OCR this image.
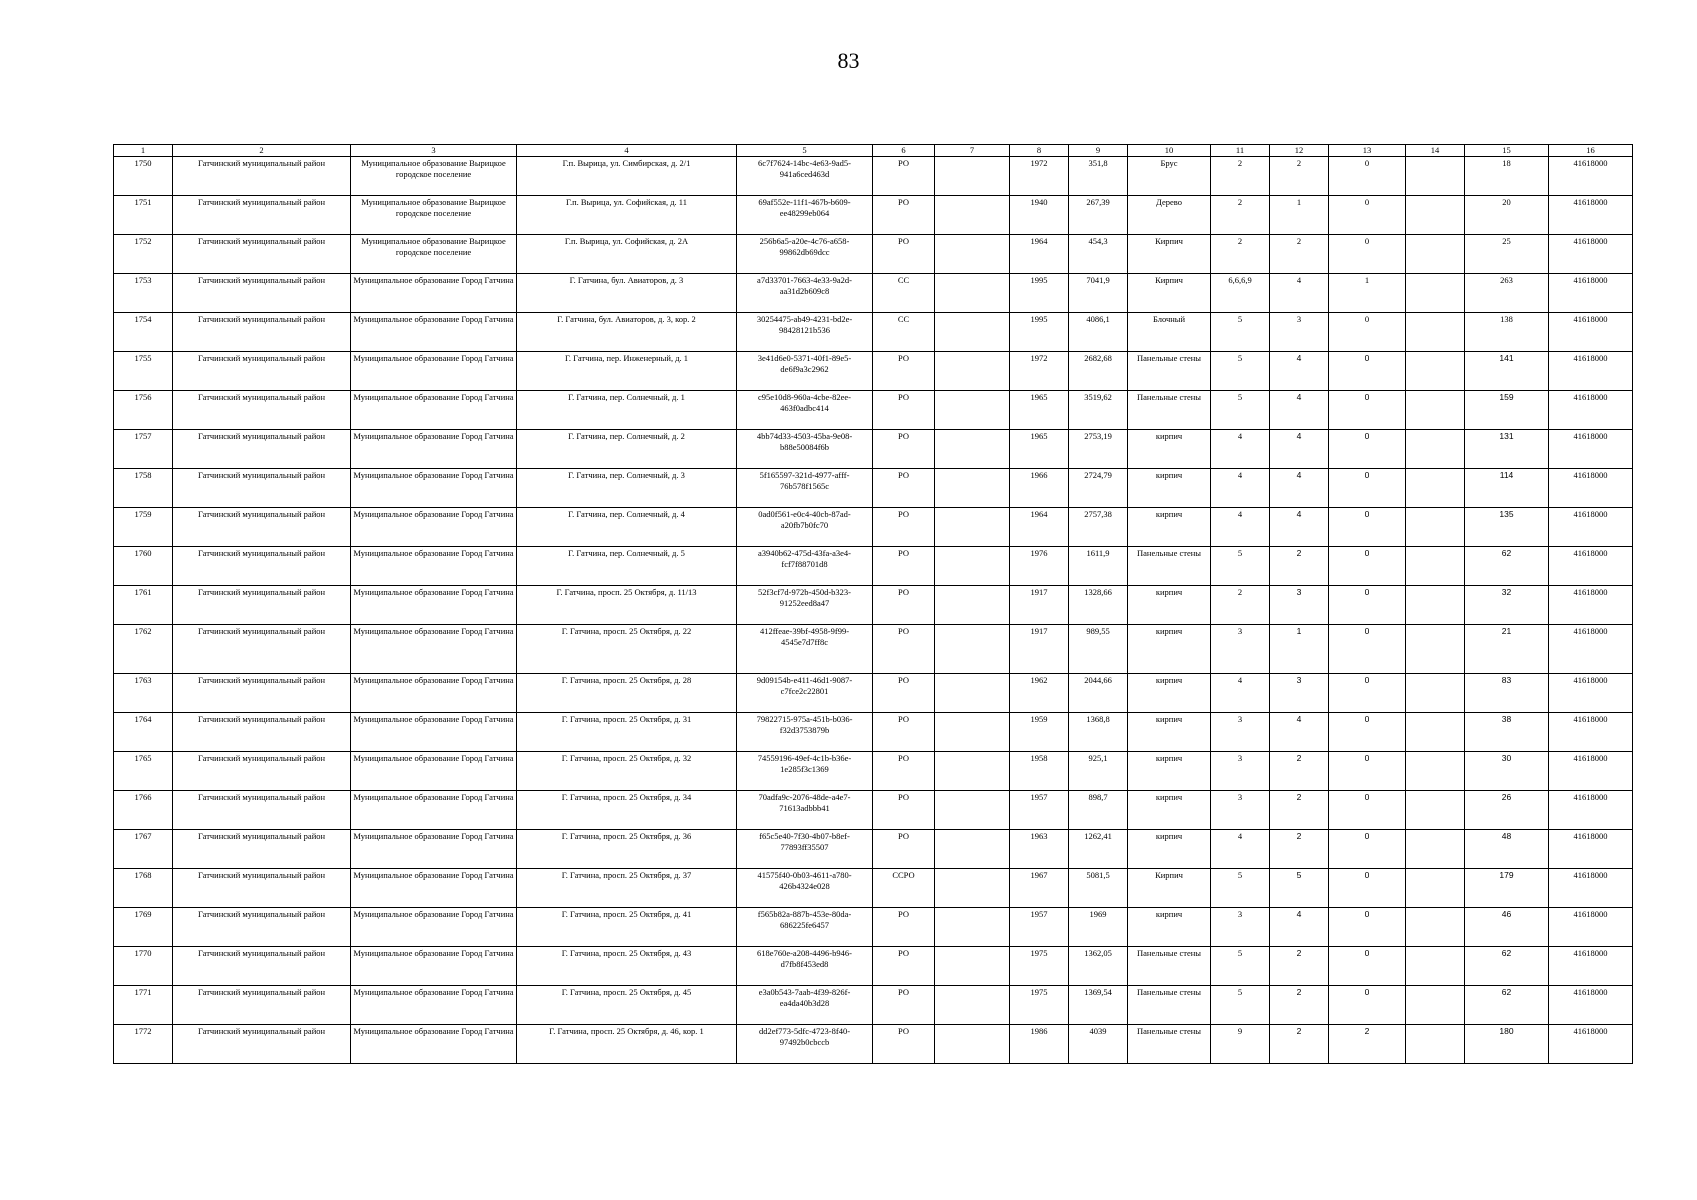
83
1	2	3	4	5	6	7	8	9	10	11	12	13	14	15	16
1750	Гатчинский муниципальный район	Муниципальное образование Вырицкое городское поселение	Г.п. Вырица, ул. Симбирская, д. 2/1	6c7f7624-14bc-4e63-9ad5-941a6ced463d	РО		1972	351,8	Брус	2	2	0		18	41618000
1751	Гатчинский муниципальный район	Муниципальное образование Вырицкое городское поселение	Г.п. Вырица, ул. Софийская, д. 11	69af552e-11f1-467b-b609-ee48299eb064	РО		1940	267,39	Дерево	2	1	0		20	41618000
1752	Гатчинский муниципальный район	Муниципальное образование Вырицкое городское поселение	Г.п. Вырица, ул. Софийская, д. 2А	256b6a5-a20e-4c76-a658-99862db69dcc	РО		1964	454,3	Кирпич	2	2	0		25	41618000
1753	Гатчинский муниципальный район	Муниципальное образование Город Гатчина	Г. Гатчина, бул. Авиаторов, д. 3	a7d33701-7663-4e33-9a2d-aa31d2b609c8	СС		1995	7041,9	Кирпич	6,6,6,9	4	1		263	41618000
1754	Гатчинский муниципальный район	Муниципальное образование Город Гатчина	Г. Гатчина, бул. Авиаторов, д. 3, кор. 2	30254475-ab49-4231-bd2e-98428121b536	СС		1995	4086,1	Блочный	5	3	0		138	41618000
1755	Гатчинский муниципальный район	Муниципальное образование Город Гатчина	Г. Гатчина, пер. Инженерный, д. 1	3e41d6e0-5371-40f1-89e5-de6f9a3c2962	РО		1972	2682,68	Панельные стены	5	4	0		141	41618000
1756	Гатчинский муниципальный район	Муниципальное образование Город Гатчина	Г. Гатчина, пер. Солнечный, д. 1	c95e10d8-960a-4cbe-82ee-463f0adbc414	РО		1965	3519,62	Панельные стены	5	4	0		159	41618000
1757	Гатчинский муниципальный район	Муниципальное образование Город Гатчина	Г. Гатчина, пер. Солнечный, д. 2	4bb74d33-4503-45ba-9e08-b88e50084f6b	РО		1965	2753,19	кирпич	4	4	0		131	41618000
1758	Гатчинский муниципальный район	Муниципальное образование Город Гатчина	Г. Гатчина, пер. Солнечный, д. 3	5f165597-321d-4977-afff-76b578f1565c	РО		1966	2724,79	кирпич	4	4	0		114	41618000
1759	Гатчинский муниципальный район	Муниципальное образование Город Гатчина	Г. Гатчина, пер. Солнечный, д. 4	0ad0f561-e0c4-40cb-87ad-a20fb7b0fc70	РО		1964	2757,38	кирпич	4	4	0		135	41618000
1760	Гатчинский муниципальный район	Муниципальное образование Город Гатчина	Г. Гатчина, пер. Солнечный, д. 5	a3940b62-475d-43fa-a3e4-fcf7f88701d8	РО		1976	1611,9	Панельные стены	5	2	0		62	41618000
1761	Гатчинский муниципальный район	Муниципальное образование Город Гатчина	Г. Гатчина, просп. 25 Октября, д. 11/13	52f3cf7d-972b-450d-b323-91252eed8a47	РО		1917	1328,66	кирпич	2	3	0		32	41618000
1762	Гатчинский муниципальный район	Муниципальное образование Город Гатчина	Г. Гатчина, просп. 25 Октября, д. 22	412ffeae-39bf-4958-9f99-4545e7d7ff8c	РО		1917	989,55	кирпич	3	1	0		21	41618000
1763	Гатчинский муниципальный район	Муниципальное образование Город Гатчина	Г. Гатчина, просп. 25 Октября, д. 28	9d09154b-e411-46d1-9087-c7fce2c22801	РО		1962	2044,66	кирпич	4	3	0		83	41618000
1764	Гатчинский муниципальный район	Муниципальное образование Город Гатчина	Г. Гатчина, просп. 25 Октября, д. 31	79822715-975a-451b-b036-f32d3753879b	РО		1959	1368,8	кирпич	3	4	0		38	41618000
1765	Гатчинский муниципальный район	Муниципальное образование Город Гатчина	Г. Гатчина, просп. 25 Октября, д. 32	74559196-49ef-4c1b-b36e-1e285f3c1369	РО		1958	925,1	кирпич	3	2	0		30	41618000
1766	Гатчинский муниципальный район	Муниципальное образование Город Гатчина	Г. Гатчина, просп. 25 Октября, д. 34	70adfa9c-2076-48de-a4e7-71613adbbb41	РО		1957	898,7	кирпич	3	2	0		26	41618000
1767	Гатчинский муниципальный район	Муниципальное образование Город Гатчина	Г. Гатчина, просп. 25 Октября, д. 36	f65c5e40-7f30-4b07-b8ef-77893ff35507	РО		1963	1262,41	кирпич	4	2	0		48	41618000
1768	Гатчинский муниципальный район	Муниципальное образование Город Гатчина	Г. Гатчина, просп. 25 Октября, д. 37	41575f40-0b03-4611-a780-426b4324e028	ССРО		1967	5081,5	Кирпич	5	5	0		179	41618000
1769	Гатчинский муниципальный район	Муниципальное образование Город Гатчина	Г. Гатчина, просп. 25 Октября, д. 41	f565b82a-887b-453e-80da-686225fe6457	РО		1957	1969	кирпич	3	4	0		46	41618000
1770	Гатчинский муниципальный район	Муниципальное образование Город Гатчина	Г. Гатчина, просп. 25 Октября, д. 43	618e760e-a208-4496-b946-d7fb8f453ed8	РО		1975	1362,05	Панельные стены	5	2	0		62	41618000
1771	Гатчинский муниципальный район	Муниципальное образование Город Гатчина	Г. Гатчина, просп. 25 Октября, д. 45	e3a0b543-7aab-4f39-826f-ea4da40b3d28	РО		1975	1369,54	Панельные стены	5	2	0		62	41618000
1772	Гатчинский муниципальный район	Муниципальное образование Город Гатчина	Г. Гатчина, просп. 25 Октября, д. 46, кор. 1	dd2ef773-5dfc-4723-8f40-97492b0cbccb	РО		1986	4039	Панельные стены	9	2	2		180	41618000
